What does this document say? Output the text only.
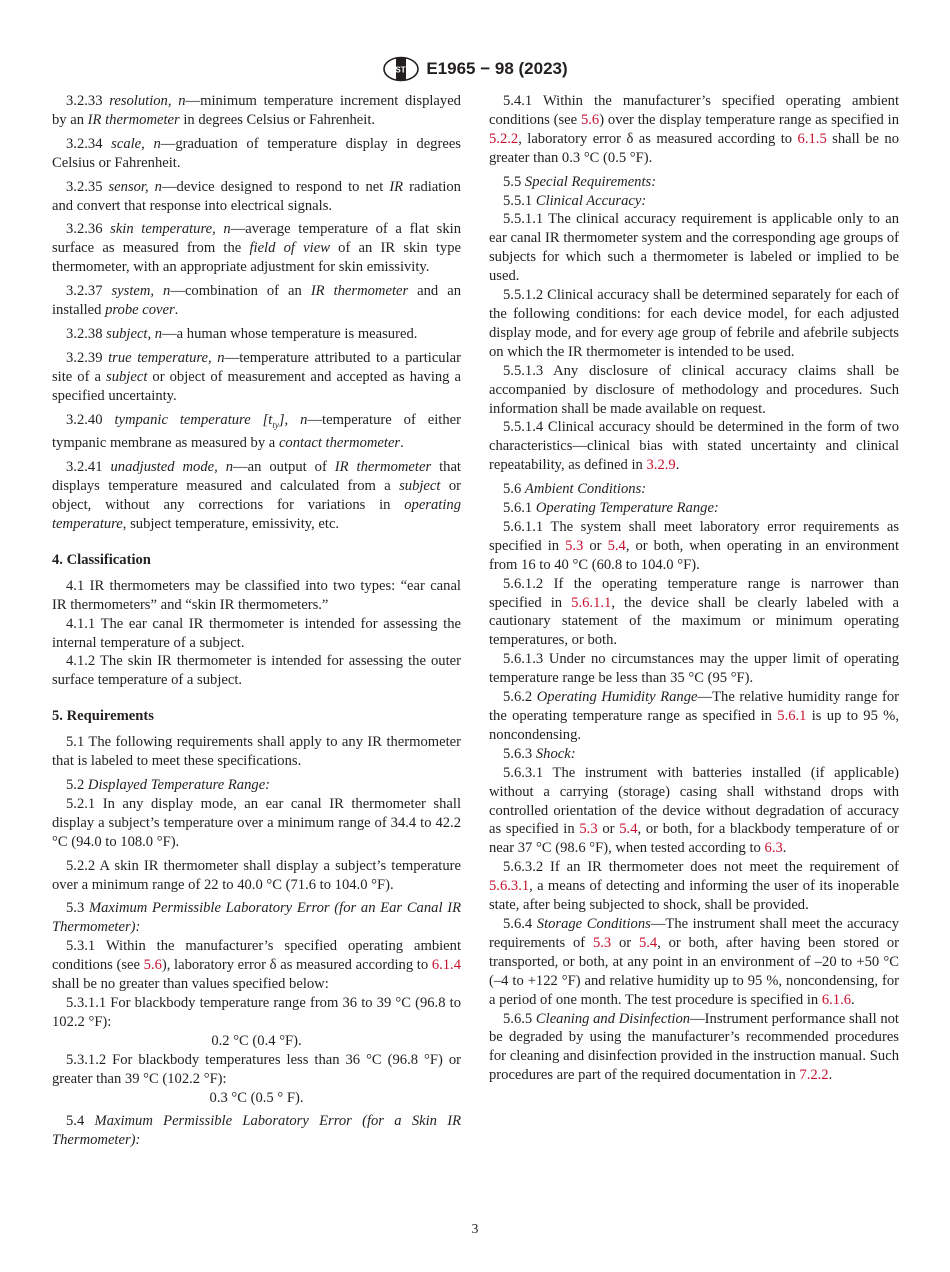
ASTM E1965 − 98 (2023)

3.2.33 resolution, n—minimum temperature increment displayed by an IR thermometer in degrees Celsius or Fahrenheit.

3.2.34 scale, n—graduation of temperature display in degrees Celsius or Fahrenheit.

3.2.35 sensor, n—device designed to respond to net IR radiation and convert that response into electrical signals.

3.2.36 skin temperature, n—average temperature of a flat skin surface as measured from the field of view of an IR skin type thermometer, with an appropriate adjustment for skin emissivity.

3.2.37 system, n—combination of an IR thermometer and an installed probe cover.

3.2.38 subject, n—a human whose temperature is measured.

3.2.39 true temperature, n—temperature attributed to a particular site of a subject or object of measurement and accepted as having a specified uncertainty.

3.2.40 tympanic temperature $[t_{ty}]$, n—temperature of either tympanic membrane as measured by a contact thermometer.

3.2.41 unadjusted mode, n—an output of IR thermometer that displays temperature measured and calculated from a subject or object, without any corrections for variations in operating temperature, subject temperature, emissivity, etc.

4. Classification

4.1 IR thermometers may be classified into two types: “ear canal IR thermometers” and “skin IR thermometers.”

4.1.1 The ear canal IR thermometer is intended for assessing the internal temperature of a subject.

4.1.2 The skin IR thermometer is intended for assessing the outer surface temperature of a subject.

5. Requirements

5.1 The following requirements shall apply to any IR thermometer that is labeled to meet these specifications.

5.2 Displayed Temperature Range:

5.2.1 In any display mode, an ear canal IR thermometer shall display a subject’s temperature over a minimum range of 34.4 to 42.2 °C (94.0 to 108.0 °F).

5.2.2 A skin IR thermometer shall display a subject’s temperature over a minimum range of 22 to 40.0 °C (71.6 to 104.0 °F).

5.3 Maximum Permissible Laboratory Error (for an Ear Canal IR Thermometer):

5.3.1 Within the manufacturer’s specified operating ambient conditions (see 5.6), laboratory error δ as measured according to 6.1.4 shall be no greater than values specified below:

5.3.1.1 For blackbody temperature range from 36 to 39 °C (96.8 to 102.2 °F):

0.2 °C (0.4 °F).

5.3.1.2 For blackbody temperatures less than 36 °C (96.8 °F) or greater than 39 °C (102.2 °F):

0.3 °C (0.5 ° F).

5.4 Maximum Permissible Laboratory Error (for a Skin IR Thermometer):

5.4.1 Within the manufacturer’s specified operating ambient conditions (see 5.6) over the display temperature range as specified in 5.2.2, laboratory error δ as measured according to 6.1.5 shall be no greater than 0.3 °C (0.5 °F).

5.5 Special Requirements:

5.5.1 Clinical Accuracy:

5.5.1.1 The clinical accuracy requirement is applicable only to an ear canal IR thermometer system and the corresponding age groups of subjects for which such a thermometer is labeled or implied to be used.

5.5.1.2 Clinical accuracy shall be determined separately for each of the following conditions: for each device model, for each adjusted display mode, and for every age group of febrile and afebrile subjects on which the IR thermometer is intended to be used.

5.5.1.3 Any disclosure of clinical accuracy claims shall be accompanied by disclosure of methodology and procedures. Such information shall be made available on request.

5.5.1.4 Clinical accuracy should be determined in the form of two characteristics—clinical bias with stated uncertainty and clinical repeatability, as defined in 3.2.9.

5.6 Ambient Conditions:

5.6.1 Operating Temperature Range:

5.6.1.1 The system shall meet laboratory error requirements as specified in 5.3 or 5.4, or both, when operating in an environment from 16 to 40 °C (60.8 to 104.0 °F).

5.6.1.2 If the operating temperature range is narrower than specified in 5.6.1.1, the device shall be clearly labeled with a cautionary statement of the maximum or minimum operating temperatures, or both.

5.6.1.3 Under no circumstances may the upper limit of operating temperature range be less than 35 °C (95 °F).

5.6.2 Operating Humidity Range—The relative humidity range for the operating temperature range as specified in 5.6.1 is up to 95 %, noncondensing.

5.6.3 Shock:

5.6.3.1 The instrument with batteries installed (if applicable) without a carrying (storage) casing shall withstand drops with controlled orientation of the device without degradation of accuracy as specified in 5.3 or 5.4, or both, for a blackbody temperature of or near 37 °C (98.6 °F), when tested according to 6.3.

5.6.3.2 If an IR thermometer does not meet the requirement of 5.6.3.1, a means of detecting and informing the user of its inoperable state, after being subjected to shock, shall be provided.

5.6.4 Storage Conditions—The instrument shall meet the accuracy requirements of 5.3 or 5.4, or both, after having been stored or transported, or both, at any point in an environment of –20 to +50 °C (–4 to +122 °F) and relative humidity up to 95 %, noncondensing, for a period of one month. The test procedure is specified in 6.1.6.

5.6.5 Cleaning and Disinfection—Instrument performance shall not be degraded by using the manufacturer’s recommended procedures for cleaning and disinfection provided in the instruction manual. Such procedures are part of the required documentation in 7.2.2.

3
